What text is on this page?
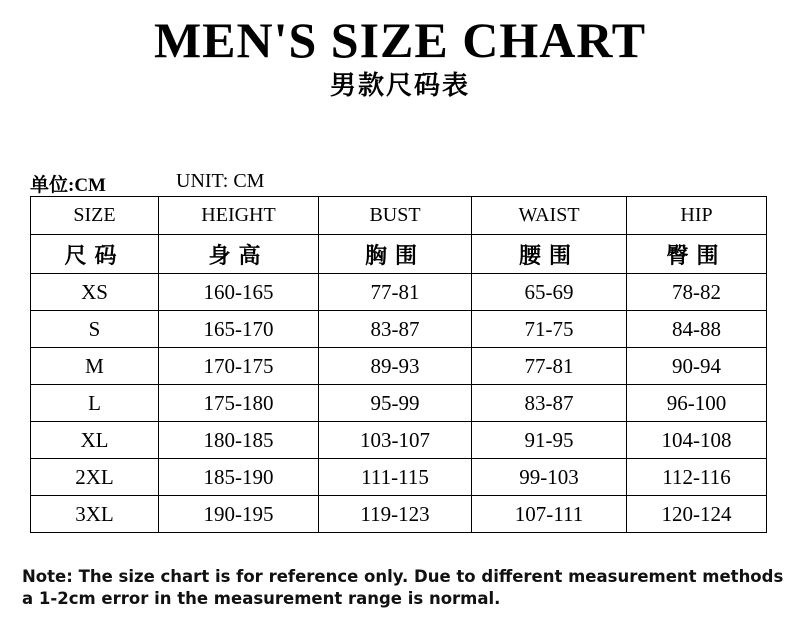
MEN'S SIZE CHART
男款尺码表
单位:CM	UNIT: CM
SIZE	HEIGHT	BUST	WAIST	HIP
尺码	身高	胸围	腰围	臀围
XS	160-165	77-81	65-69	78-82
S	165-170	83-87	71-75	84-88
M	170-175	89-93	77-81	90-94
L	175-180	95-99	83-87	96-100
XL	180-185	103-107	91-95	104-108
2XL	185-190	111-115	99-103	112-116
3XL	190-195	119-123	107-111	120-124
Note: The size chart is for reference only. Due to different measurement methods
a 1-2cm error in the measurement range is normal.
